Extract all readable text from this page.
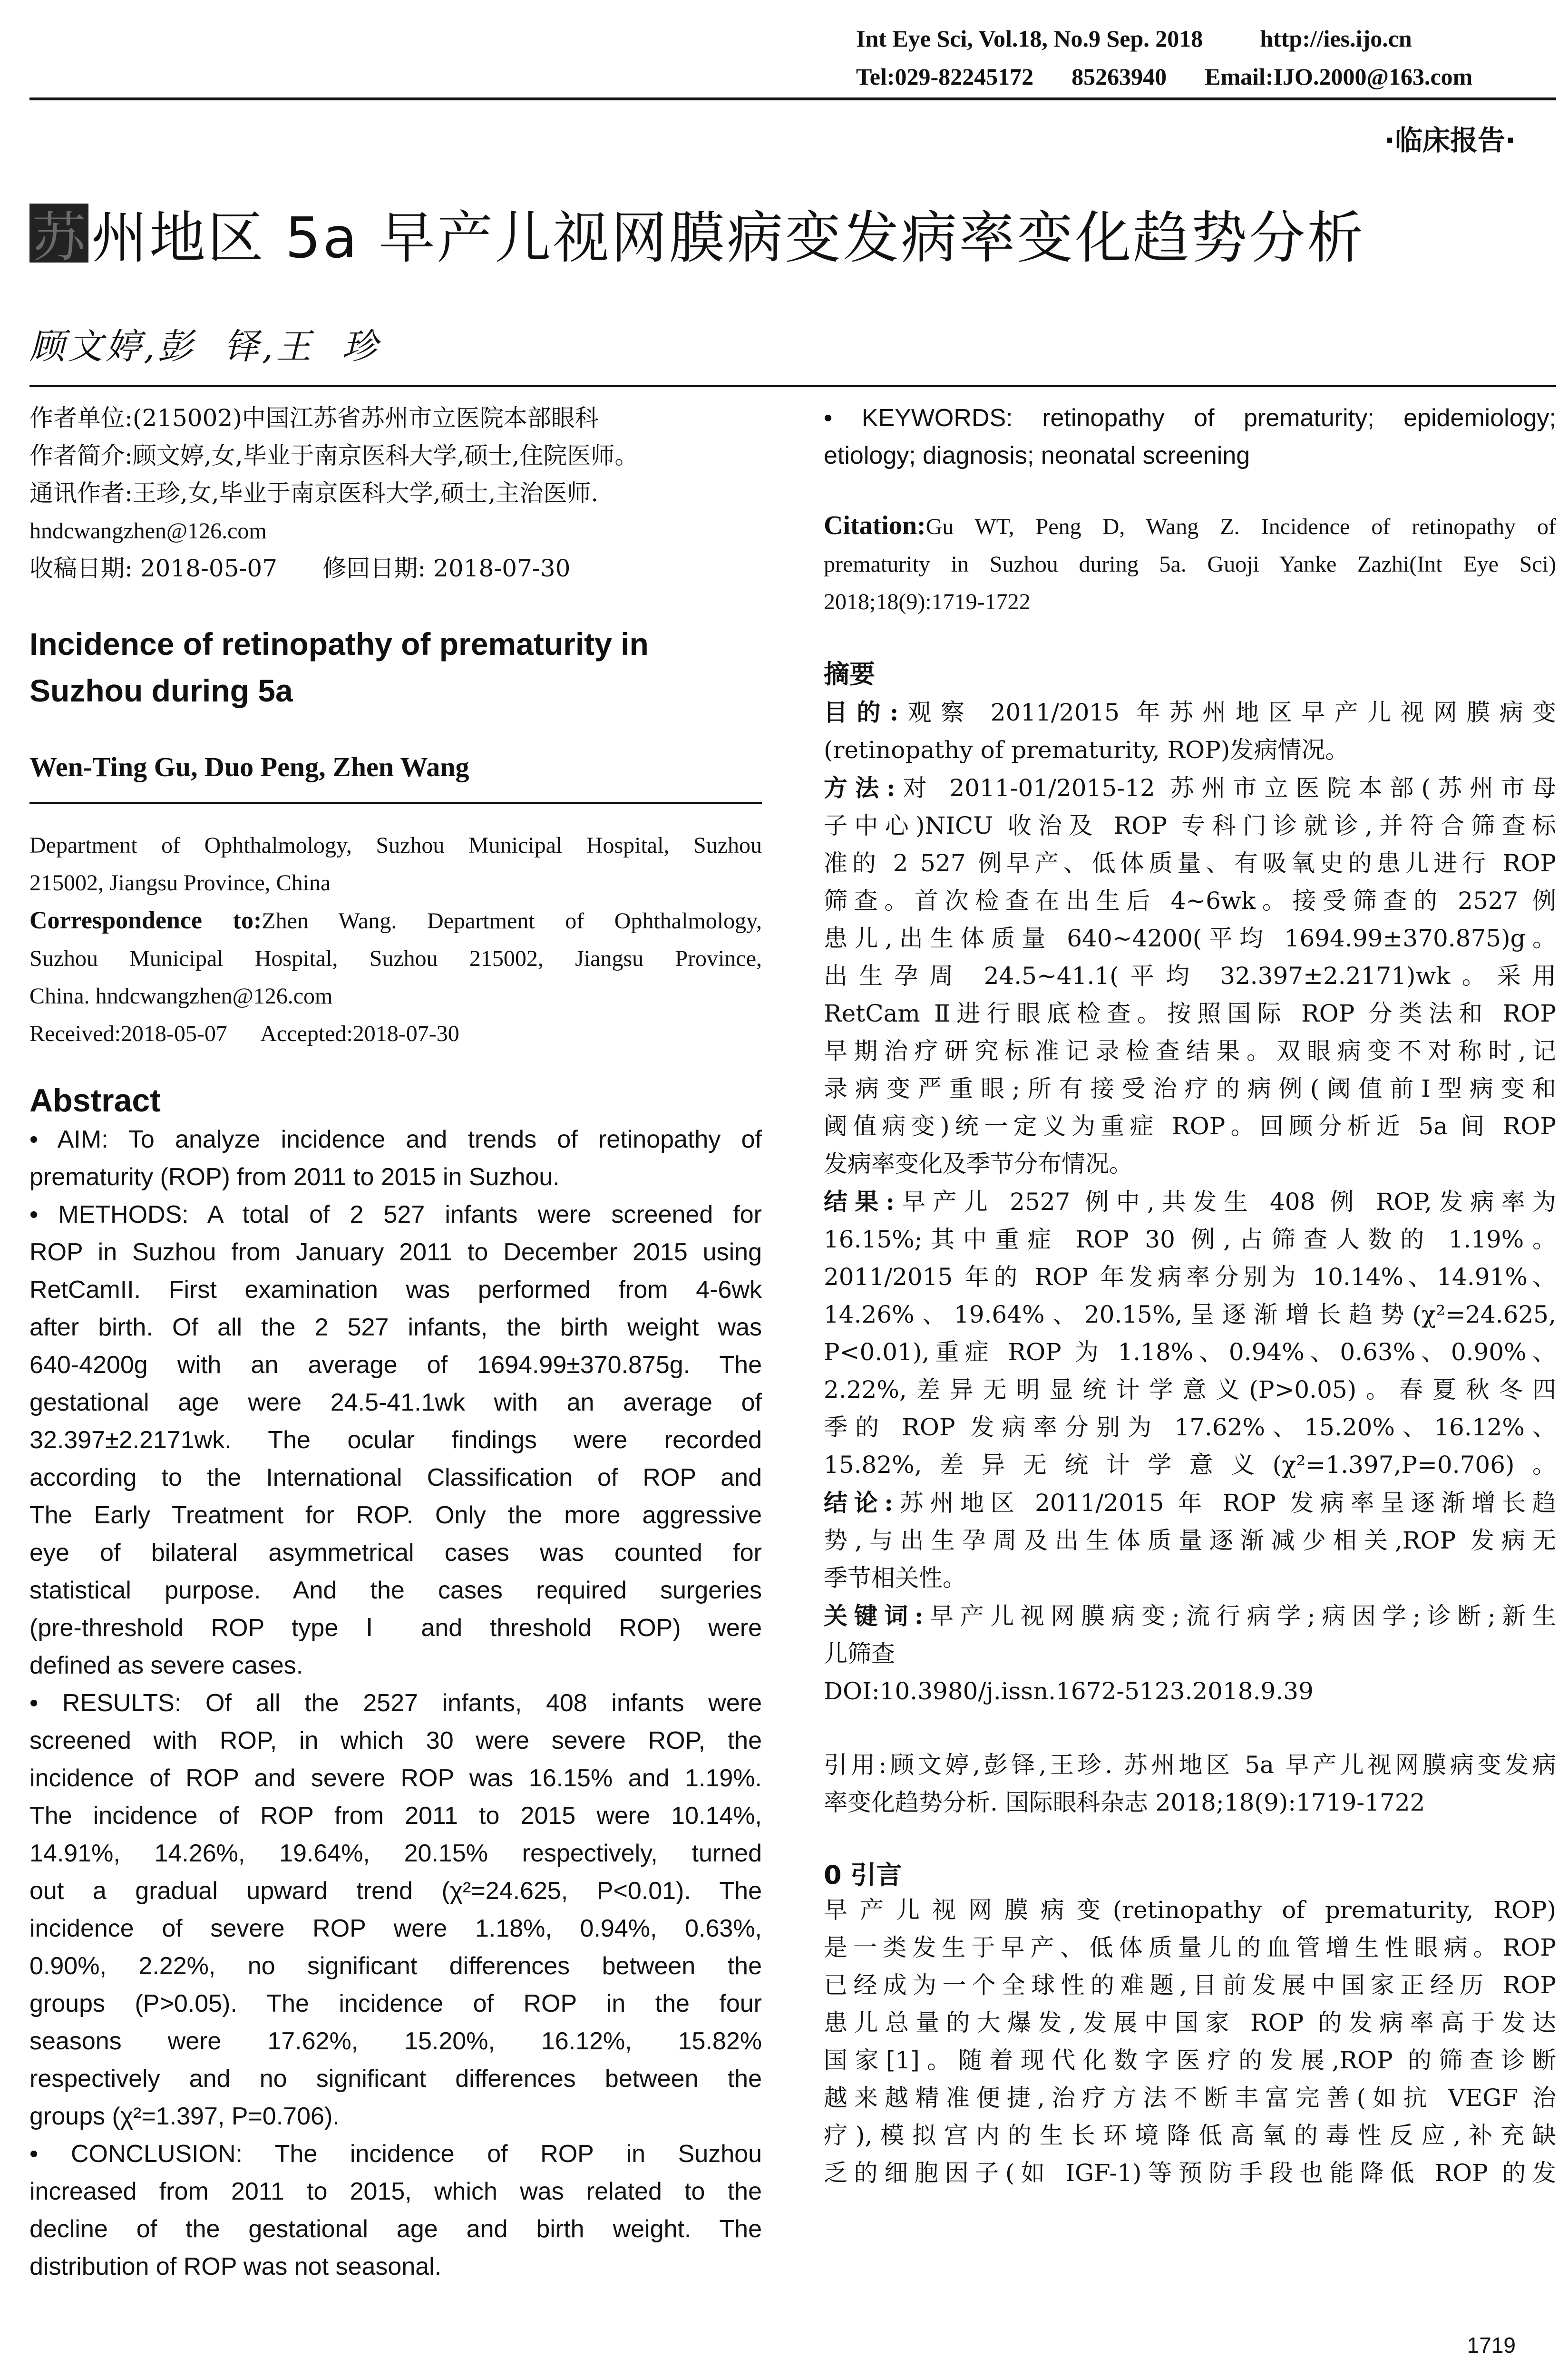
Int Eye Sci, Vol.18, No.9 Sep. 2018 http://ies.ijo.cn
Tel:029-82245172 85263940 Email:IJO.2000@163.com
·临床报告·
苏 州地区 5a 早产儿视网膜病变发病率变化趋势分析
顾文婷,彭  铎,王  珍
作者单位:(215002)中国江苏省苏州市立医院本部眼科
作者简介:顾文婷,女,毕业于南京医科大学,硕士,住院医师。
通讯作者:王珍,女,毕业于南京医科大学,硕士,主治医师.
hndcwangzhen@126.com
收稿日期: 2018-05-07      修回日期: 2018-07-30
Incidence of retinopathy of prematurity in
Suzhou during 5a
Wen-Ting Gu, Duo Peng, Zhen Wang
Department of Ophthalmology, Suzhou Municipal Hospital, Suzhou
215002, Jiangsu Province, China
Correspondence to:Zhen Wang. Department of Ophthalmology,
Suzhou Municipal Hospital, Suzhou 215002, Jiangsu Province,
China. hndcwangzhen@126.com
Received:2018-05-07      Accepted:2018-07-30
Abstract
• AIM: To analyze incidence and trends of retinopathy of
prematurity (ROP) from 2011 to 2015 in Suzhou.
• METHODS: A total of 2 527 infants were screened for
ROP in Suzhou from January 2011 to December 2015 using
RetCamII. First examination was performed from 4-6wk
after birth. Of all the 2 527 infants, the birth weight was
640-4200g with an average of 1694.99±370.875g. The
gestational age were 24.5-41.1wk with an average of
32.397±2.2171wk. The ocular findings were recorded
according to the International Classification of ROP and
The Early Treatment for ROP. Only the more aggressive
eye of bilateral asymmetrical cases was counted for
statistical purpose. And the cases required surgeries
(pre-threshold ROP type Ⅰ and threshold ROP) were
defined as severe cases.
• RESULTS: Of all the 2527 infants, 408 infants were
screened with ROP, in which 30 were severe ROP, the
incidence of ROP and severe ROP was 16.15% and 1.19%.
The incidence of ROP from 2011 to 2015 were 10.14%,
14.91%, 14.26%, 19.64%, 20.15% respectively, turned
out a gradual upward trend (χ²=24.625, P<0.01). The
incidence of severe ROP were 1.18%, 0.94%, 0.63%,
0.90%, 2.22%, no significant differences between the
groups (P>0.05). The incidence of ROP in the four
seasons were 17.62%, 15.20%, 16.12%, 15.82%
respectively and no significant differences between the
groups (χ²=1.397, P=0.706).
• CONCLUSION: The incidence of ROP in Suzhou
increased from 2011 to 2015, which was related to the
decline of the gestational age and birth weight. The
distribution of ROP was not seasonal.
• KEYWORDS: retinopathy of prematurity; epidemiology;
etiology; diagnosis; neonatal screening
Citation:Gu WT, Peng D, Wang Z. Incidence of retinopathy of
prematurity in Suzhou during 5a. Guoji Yanke Zazhi(Int Eye Sci)
2018;18(9):1719-1722
摘要
目的:观察 2011/2015 年苏州地区早产儿视网膜病变
(retinopathy of prematurity, ROP)发病情况。
方法:对 2011-01/2015-12 苏州市立医院本部(苏州市母
子中心)NICU 收治及 ROP 专科门诊就诊,并符合筛查标
准的 2 527 例早产、低体质量、有吸氧史的患儿进行 ROP
筛查。首次检查在出生后 4~6wk。接受筛查的 2527 例
患儿,出生体质量 640~4200(平均 1694.99±370.875)g。
出生孕周 24.5~41.1(平均 32.397±2.2171)wk。采用
RetCam Ⅱ进行眼底检查。按照国际 ROP 分类法和 ROP
早期治疗研究标准记录检查结果。双眼病变不对称时,记
录病变严重眼;所有接受治疗的病例(阈值前Ⅰ型病变和
阈值病变)统一定义为重症 ROP。回顾分析近 5a 间 ROP
发病率变化及季节分布情况。
结果:早产儿 2527 例中,共发生 408 例 ROP,发病率为
16.15%;其中重症 ROP 30 例,占筛查人数的 1.19%。
2011/2015 年的 ROP 年发病率分别为 10.14%、14.91%、
14.26%、19.64%、20.15%,呈逐渐增长趋势(χ²=24.625,
P<0.01),重症 ROP 为 1.18%、0.94%、0.63%、0.90%、
2.22%,差异无明显统计学意义(P>0.05)。春夏秋冬四
季的 ROP 发病率分别为 17.62%、15.20%、16.12%、
15.82%,差异无统计学意义(χ²=1.397,P=0.706)。
结论:苏州地区 2011/2015 年 ROP 发病率呈逐渐增长趋
势,与出生孕周及出生体质量逐渐减少相关,ROP 发病无
季节相关性。
关键词:早产儿视网膜病变;流行病学;病因学;诊断;新生
儿筛查
DOI:10.3980/j.issn.1672-5123.2018.9.39
引用:顾文婷,彭铎,王珍. 苏州地区 5a 早产儿视网膜病变发病
率变化趋势分析. 国际眼科杂志 2018;18(9):1719-1722
0 引言
早产儿视网膜病变(retinopathy of prematurity, ROP)
是一类发生于早产、低体质量儿的血管增生性眼病。ROP
已经成为一个全球性的难题,目前发展中国家正经历 ROP
患儿总量的大爆发,发展中国家 ROP 的发病率高于发达
国家[1]。随着现代化数字医疗的发展,ROP 的筛查诊断
越来越精准便捷,治疗方法不断丰富完善(如抗 VEGF 治
疗),模拟宫内的生长环境降低高氧的毒性反应,补充缺
乏的细胞因子(如 IGF-1)等预防手段也能降低 ROP 的发
1719
